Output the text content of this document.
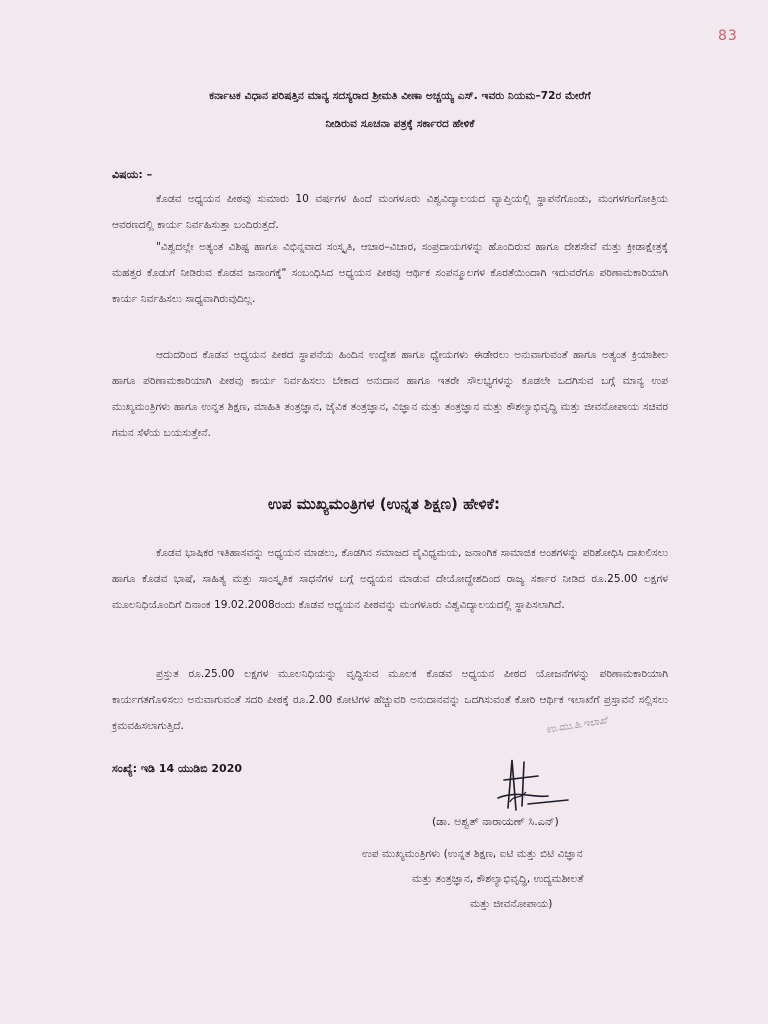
83
ಕರ್ನಾಟಕ ವಿಧಾನ ಪರಿಷತ್ತಿನ ಮಾನ್ಯ ಸದಸ್ಯರಾದ ಶ್ರೀಮತಿ ವೀಣಾ ಅಚ್ಚಯ್ಯ ಎಸ್. ಇವರು ನಿಯಮ–72ರ ಮೇರೆಗೆ
ನೀಡಿರುವ ಸೂಚನಾ ಪತ್ರಕ್ಕೆ ಸರ್ಕಾರದ ಹೇಳಿಕೆ
ವಿಷಯ: –
ಕೊಡವ ಅಧ್ಯಯನ ಪೀಠವು ಸುಮಾರು 10 ವರ್ಷಗಳ ಹಿಂದೆ ಮಂಗಳೂರು ವಿಶ್ವವಿದ್ಯಾಲಯದ ವ್ಯಾಪ್ತಿಯಲ್ಲಿ ಸ್ಥಾಪನೆಗೊಂಡು, ಮಂಗಳಗಂಗೋತ್ರಿಯ ಆವರಣದಲ್ಲಿ ಕಾರ್ಯ ನಿರ್ವಹಿಸುತ್ತಾ ಬಂದಿರುತ್ತದೆ.
"ವಿಶ್ವದಲ್ಲೇ ಅತ್ಯಂತ ವಿಶಿಷ್ಟ ಹಾಗೂ ವಿಭಿನ್ನವಾದ ಸಂಸ್ಕೃತಿ, ಆಚಾರ–ವಿಚಾರ, ಸಂಪ್ರದಾಯಗಳನ್ನು ಹೊಂದಿರುವ ಹಾಗೂ ದೇಶಸೇವೆ ಮತ್ತು ಕ್ರೀಡಾಕ್ಷೇತ್ರಕ್ಕೆ ಮಹತ್ತರ ಕೊಡುಗೆ ನೀಡಿರುವ ಕೊಡವ ಜನಾಂಗಕ್ಕೆ" ಸಂಬಂಧಿಸಿದ ಅಧ್ಯಯನ ಪೀಠವು ಆರ್ಥಿಕ ಸಂಪನ್ಮೂಲಗಳ ಕೊರತೆಯಿಂದಾಗಿ ಇದುವರೆಗೂ ಪರಿಣಾಮಕಾರಿಯಾಗಿ ಕಾರ್ಯ ನಿರ್ವಹಿಸಲು ಸಾಧ್ಯವಾಗಿರುವುದಿಲ್ಲ.
ಆದುದರಿಂದ ಕೊಡವ ಅಧ್ಯಯನ ಪೀಠದ ಸ್ಥಾಪನೆಯ ಹಿಂದಿನ ಉದ್ದೇಶ ಹಾಗೂ ಧ್ಯೇಯಗಳು ಈಡೇರಲು ಅನುವಾಗುವಂತೆ ಹಾಗೂ ಅತ್ಯಂತ ಕ್ರಿಯಾಶೀಲ ಹಾಗೂ ಪರಿಣಾಮಕಾರಿಯಾಗಿ ಪೀಠವು ಕಾರ್ಯ ನಿರ್ವಹಿಸಲು ಬೇಕಾದ ಅನುದಾನ ಹಾಗೂ ಇತರೇ ಸೌಲಭ್ಯಗಳನ್ನು ಕೂಡಲೇ ಒದಗಿಸುವ ಬಗ್ಗೆ ಮಾನ್ಯ ಉಪ ಮುಖ್ಯಮಂತ್ರಿಗಳು ಹಾಗೂ ಉನ್ನತ ಶಿಕ್ಷಣ, ಮಾಹಿತಿ ತಂತ್ರಜ್ಞಾನ, ಜೈವಿಕ ತಂತ್ರಜ್ಞಾನ, ವಿಜ್ಞಾನ ಮತ್ತು ತಂತ್ರಜ್ಞಾನ ಮತ್ತು ಕೌಶಲ್ಯಾಭಿವೃದ್ಧಿ ಮತ್ತು ಜೀವನೋಪಾಯ ಸಚಿವರ ಗಮನ ಸೆಳೆಯ ಬಯಸುತ್ತೇನೆ.
ಉಪ ಮುಖ್ಯಮಂತ್ರಿಗಳ (ಉನ್ನತ ಶಿಕ್ಷಣ) ಹೇಳಿಕೆ:
ಕೊಡವ ಭಾಷಿಕರ ಇತಿಹಾಸವನ್ನು ಅಧ್ಯಯನ ಮಾಡಲು, ಕೊಡಗಿನ ಸಮಾಜದ ವೈವಿಧ್ಯಮಯ, ಜನಾಂಗಿಕ ಸಾಮಾಜಿಕ ಅಂಶಗಳನ್ನು ಪರಿಶೋಧಿಸಿ ದಾಖಲಿಸಲು ಹಾಗೂ ಕೊಡವ ಭಾಷೆ, ಸಾಹಿತ್ಯ ಮತ್ತು ಸಾಂಸ್ಕೃತಿಕ ಸಾಧನೆಗಳ ಬಗ್ಗೆ ಅಧ್ಯಯನ ಮಾಡುವ ದೇಯೋದ್ದೇಶದಿಂದ ರಾಜ್ಯ ಸರ್ಕಾರ ನೀಡಿದ ರೂ.25.00 ಲಕ್ಷಗಳ ಮೂಲನಿಧಿಯೊಂದಿಗೆ ದಿನಾಂಕ 19.02.2008ರಂದು ಕೊಡವ ಅಧ್ಯಯನ ಪೀಠವನ್ನು ಮಂಗಳೂರು ವಿಶ್ವವಿದ್ಯಾಲಯದಲ್ಲಿ ಸ್ಥಾಪಿಸಲಾಗಿದೆ.
ಪ್ರಸ್ತುತ ರೂ.25.00 ಲಕ್ಷಗಳ ಮೂಲನಿಧಿಯನ್ನು ವೃದ್ಧಿಸುವ ಮೂಲಕ ಕೊಡವ ಅಧ್ಯಯನ ಪೀಠದ ಯೋಜನೆಗಳನ್ನು ಪರಿಣಾಮಕಾರಿಯಾಗಿ ಕಾರ್ಯಗತಗೊಳಿಸಲು ಅನುವಾಗುವಂತೆ ಸದರಿ ಪೀಠಕ್ಕೆ ರೂ.2.00 ಕೋಟಿಗಳ ಹೆಚ್ಚುವರಿ ಅನುದಾನವನ್ನು ಒದಗಿಸುವಂತೆ ಕೋರಿ ಆರ್ಥಿಕ ಇಲಾಖೆಗೆ ಪ್ರಸ್ತಾವನೆ ಸಲ್ಲಿಸಲು ಕ್ರಮವಹಿಸಲಾಗುತ್ತಿದೆ.
ಸಂಖ್ಯೆ: ಇಡಿ 14 ಯುಡಿಬಿ 2020
ಉ.ಮು.ಶಿ.ಇಲಾಖೆ
(ಡಾ. ಅಶ್ವತ್ ನಾರಾಯಣ್ ಸಿ.ಎನ್)
ಉಪ ಮುಖ್ಯಮಂತ್ರಿಗಳು (ಉನ್ನತ ಶಿಕ್ಷಣ, ಐಟಿ ಮತ್ತು ಬಿಟಿ ವಿಜ್ಞಾನ
ಮತ್ತು ತಂತ್ರಜ್ಞಾನ, ಕೌಶಲ್ಯಾಭಿವೃದ್ಧಿ, ಉದ್ಯಮಶೀಲತೆ
ಮತ್ತು ಜೀವನೋಪಾಯ)
